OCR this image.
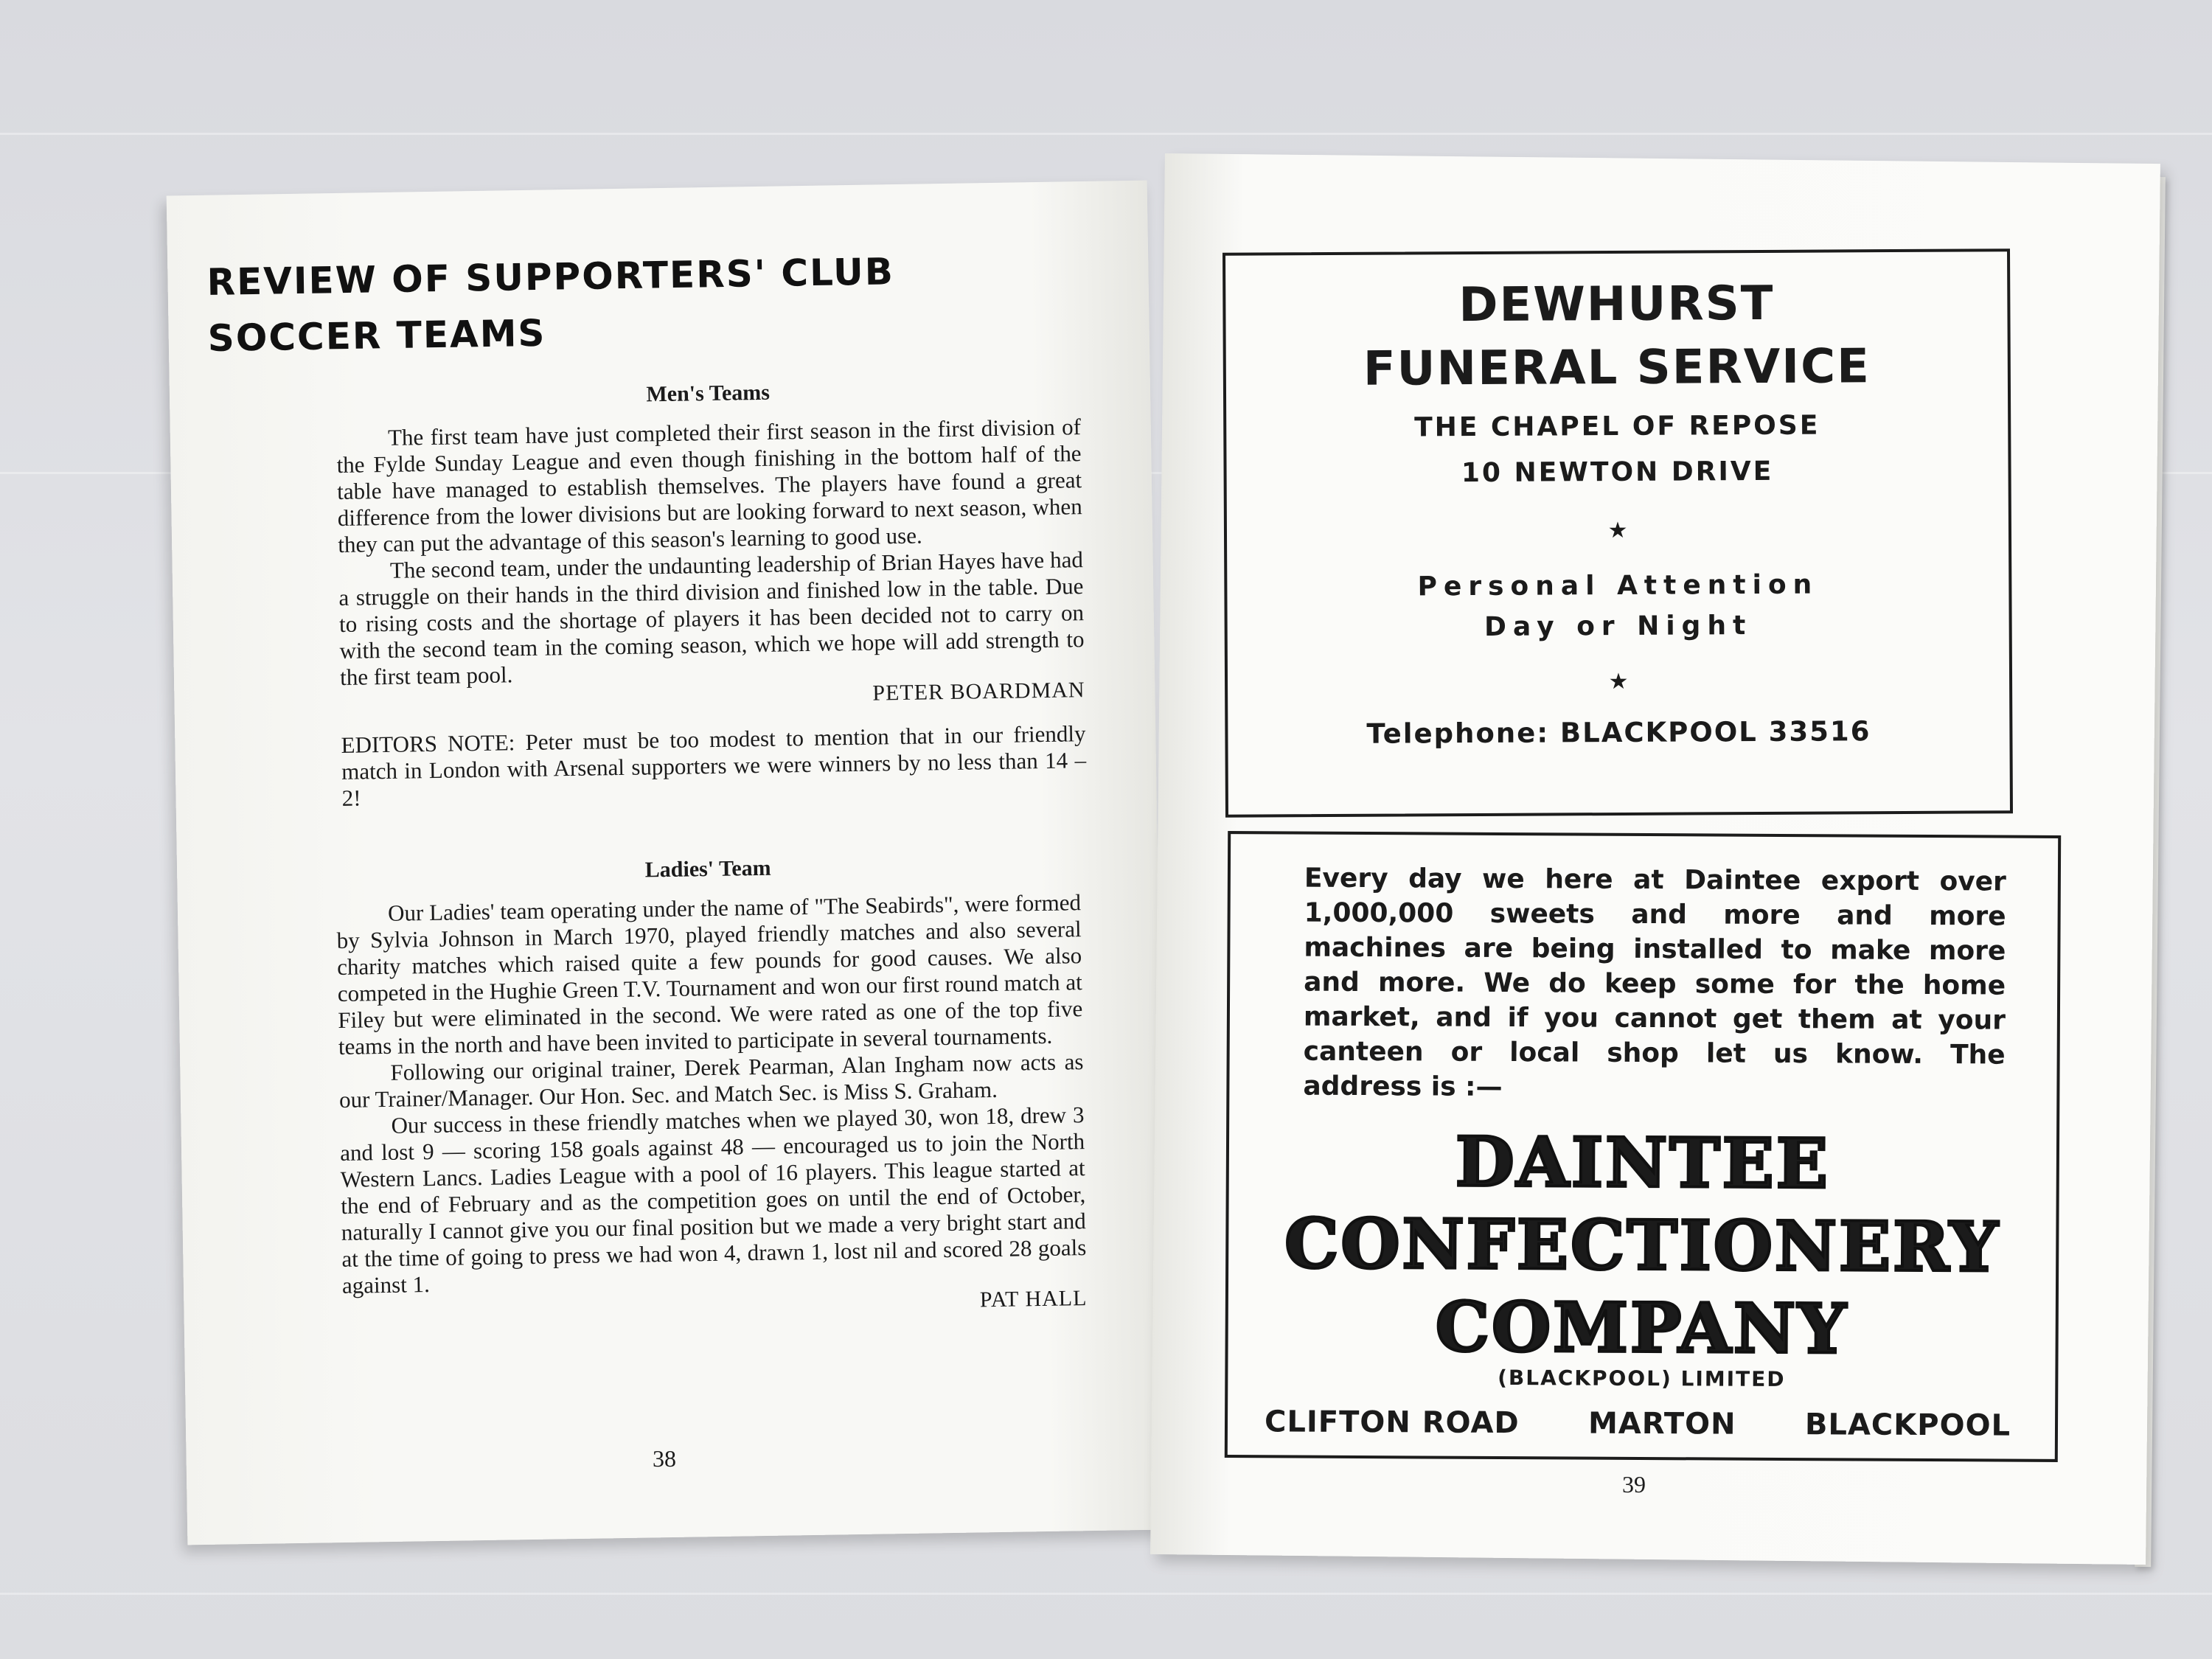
REVIEW OF SUPPORTERS' CLUB
SOCCER TEAMS
Men's Teams

The first team have just completed their first season in the first division of the Fylde Sunday League and even though finishing in the bottom half of the table have managed to establish themselves. The players have found a great difference from the lower divisions but are looking forward to next season, when they can put the advantage of this season's learning to good use.

The second team, under the undaunting leadership of Brian Hayes have had a struggle on their hands in the third division and finished low in the table. Due to rising costs and the shortage of players it has been decided not to carry on with the second team in the coming season, which we hope will add strength to the first team pool.

PETER BOARDMAN

EDITORS NOTE: Peter must be too modest to mention that in our friendly match in London with Arsenal supporters we were winners by no less than 14 – 2!

Ladies' Team

Our Ladies' team operating under the name of "The Seabirds", were formed by Sylvia Johnson in March 1970, played friendly matches and also several charity matches which raised quite a few pounds for good causes. We also competed in the Hughie Green T.V. Tournament and won our first round match at Filey but were eliminated in the second. We were rated as one of the top five teams in the north and have been invited to participate in several tournaments.

Following our original trainer, Derek Pearman, Alan Ingham now acts as our Trainer/Manager. Our Hon. Sec. and Match Sec. is Miss S. Graham.

Our success in these friendly matches when we played 30, won 18, drew 3 and lost 9 — scoring 158 goals against 48 — encouraged us to join the North Western Lancs. Ladies League with a pool of 16 players. This league started at the end of February and as the competition goes on until the end of October, naturally I cannot give you our final position but we made a very bright start and at the time of going to press we had won 4, drawn 1, lost nil and scored 28 goals against 1.

PAT HALL
38
DEWHURST
FUNERAL SERVICE
THE CHAPEL OF REPOSE
10 NEWTON DRIVE
★
Personal Attention
Day or Night
★
Telephone: BLACKPOOL 33516

Every day we here at Daintee export over 1,000,000 sweets and more and more machines are being installed to make more and more. We do keep some for the home market, and if you cannot get them at your canteen or local shop let us know. The address is :—

DAINTEE
CONFECTIONERY
COMPANY
(BLACKPOOL) LIMITED
CLIFTON ROAD MARTON BLACKPOOL
39
